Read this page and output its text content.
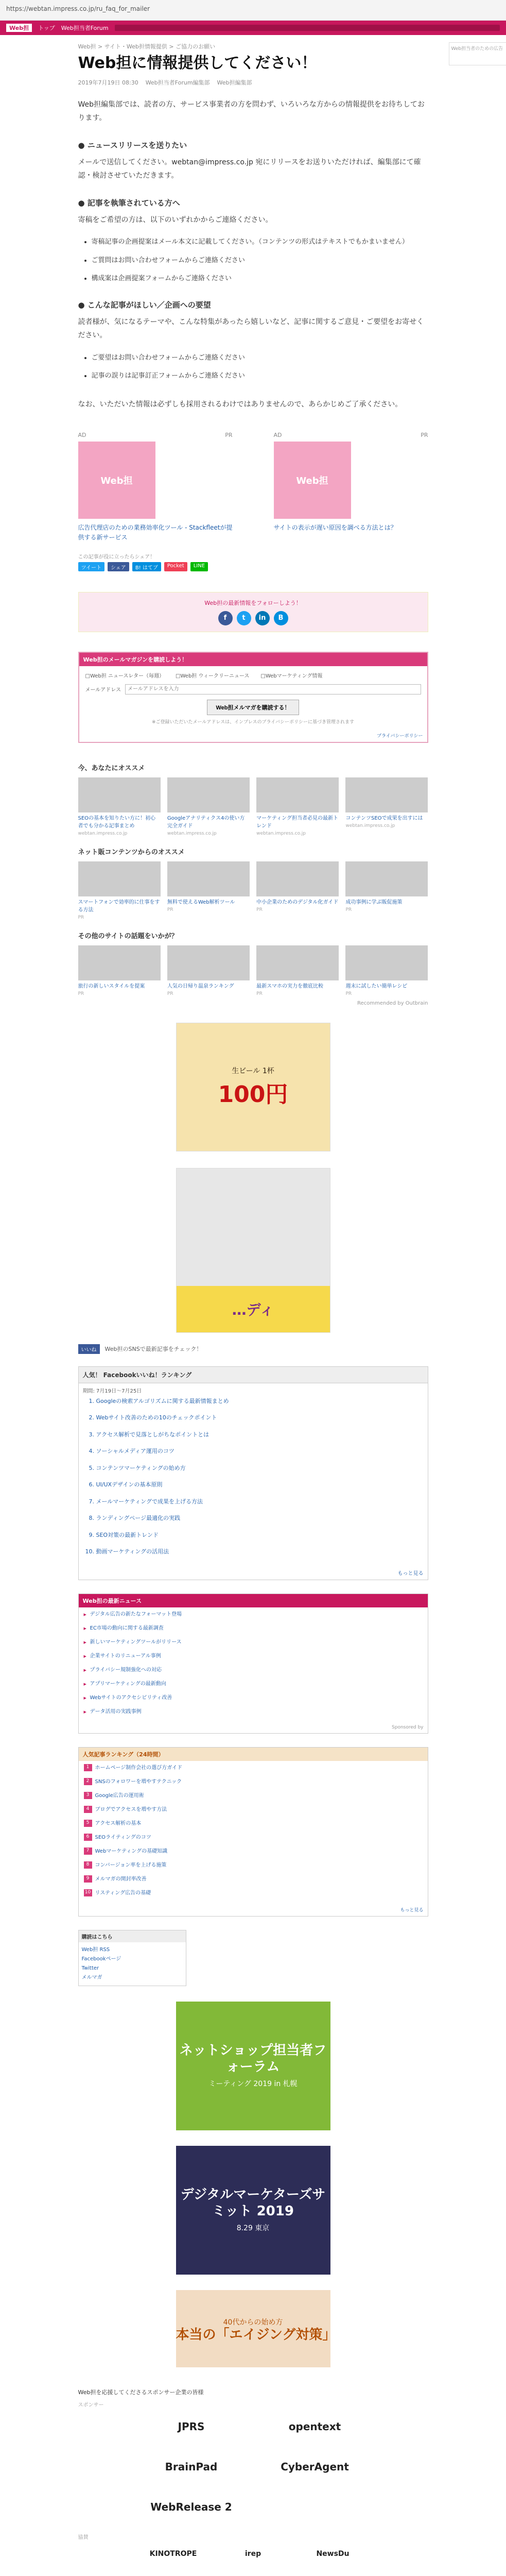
https://webtan.impress.co.jp/ru_faq_for_mailer
Web担	トップ Web担当者Forum
Web担 > サイト・Web担情報提供 > ご協力のお願い	Web担当者のための広告
Web担に情報提供してください！
2019年7月19日 08:30 Web担当者Forum編集部 Web担編集部

Web担編集部では、読者の方、サービス事業者の方を問わず、いろいろな方からの情報提供をお待ちしております。

● ニュースリリースを送りたい

メールで送信してください。webtan@impress.co.jp 宛にリリースをお送りいただければ、編集部にて確認・検討させていただきます。

● 記事を執筆されている方へ

寄稿をご希望の方は、以下のいずれかからご連絡ください。

• 寄稿記事の企画提案はメール本文に記載してください。（コンテンツの形式はテキストでもかまいません）
• ご質問はお問い合わせフォームからご連絡ください
• 構成案は企画提案フォームからご連絡ください
● こんな記事がほしい／企画への要望

読者様が、気になるテーマや、こんな特集があったら嬉しいなど、記事に関するご意見・ご要望をお寄せください。

• ご要望はお問い合わせフォームからご連絡ください
• 記事の誤りは記事訂正フォームからご連絡ください

なお、いただいた情報は必ずしも採用されるわけではありませんので、あらかじめご了承ください。

AD	PR
Web担
広告代理店のための業務効率化ツール - Stackfleetが提供する新サービス
AD	PR
Web担
サイトの表示が遅い原因を調べる方法とは？
この記事が役に立ったらシェア！
ツイート	シェア	B! はてブ	Pocket	LINE
Web担の最新情報をフォローしよう！
f	t	in	B
Web担のメールマガジンを購読しよう！
□ Web担 ニュースレター（毎週）	□ Web担 ウィークリーニュース	□ Webマーケティング情報
メールアドレス
メールアドレスを入力
Web担メルマガを購読する！
※ご登録いただいたメールアドレスは、インプレスのプライバシーポリシーに基づき管理されます
プライバシーポリシー
今、あなたにオススメ
SEOの基本を知りたい方に！初心者でも分かる記事まとめ
webtan.impress.co.jp
Googleアナリティクス4の使い方完全ガイド
webtan.impress.co.jp
マーケティング担当者必見の最新トレンド
webtan.impress.co.jp
コンテンツSEOで成果を出すには
webtan.impress.co.jp
ネット販コンテンツからのオススメ
スマートフォンで効率的に仕事をする方法
PR
無料で使えるWeb解析ツール
PR
中小企業のためのデジタル化ガイド
PR
成功事例に学ぶ販促施策
PR
その他のサイトの話題をいかが？
旅行の新しいスタイルを提案
PR
人気の日帰り温泉ランキング
PR
最新スマホの実力を徹底比較
PR
週末に試したい簡単レシピ
PR
Recommended by Outbrain
生ビール 1杯
100円
…ディ
いいね	Web担のSNSで最新記事をチェック！
人気！ Facebookいいね！ランキング
期間: 7月19日〜7月25日
1. Googleの検索アルゴリズムに関する最新情報まとめ
2. Webサイト改善のための10のチェックポイント
3. アクセス解析で見落としがちなポイントとは
4. ソーシャルメディア運用のコツ
5. コンテンツマーケティングの始め方
6. UI/UXデザインの基本原則
7. メールマーケティングで成果を上げる方法
8. ランディングページ最適化の実践
9. SEO対策の最新トレンド
10. 動画マーケティングの活用法
もっと見る
Web担の最新ニュース
▶ デジタル広告の新たなフォーマット登場
▶ EC市場の動向に関する最新調査
▶ 新しいマーケティングツールがリリース
▶ 企業サイトのリニューアル事例
▶ プライバシー規制強化への対応
▶ アプリマーケティングの最新動向
▶ Webサイトのアクセシビリティ改善
▶ データ活用の実践事例
Sponsored by
人気記事ランキング（24時間）
1	ホームページ制作会社の選び方ガイド
2	SNSのフォロワーを増やすテクニック
3	Google広告の運用術
4	ブログでアクセスを増やす方法
5	アクセス解析の基本
6	SEOライティングのコツ
7	Webマーケティングの基礎知識
8	コンバージョン率を上げる施策
9	メルマガの開封率改善
10 リスティング広告の基礎
もっと見る
購読はこちら
Web担 RSS
Facebookページ
Twitter
メルマガ
ネットショップ担当者フォーラム
ミーティング 2019 in 札幌
デジタルマーケターズサミット 2019
8.29 東京
40代からの始め方
本当の「エイジング対策」
Web担を応援してくださるスポンサー企業の皆様
スポンサー
JPRS	opentext
BrainPad	CyberAgent
WebRelease 2
協賛
KINOTROPE	irep	NewsDu
